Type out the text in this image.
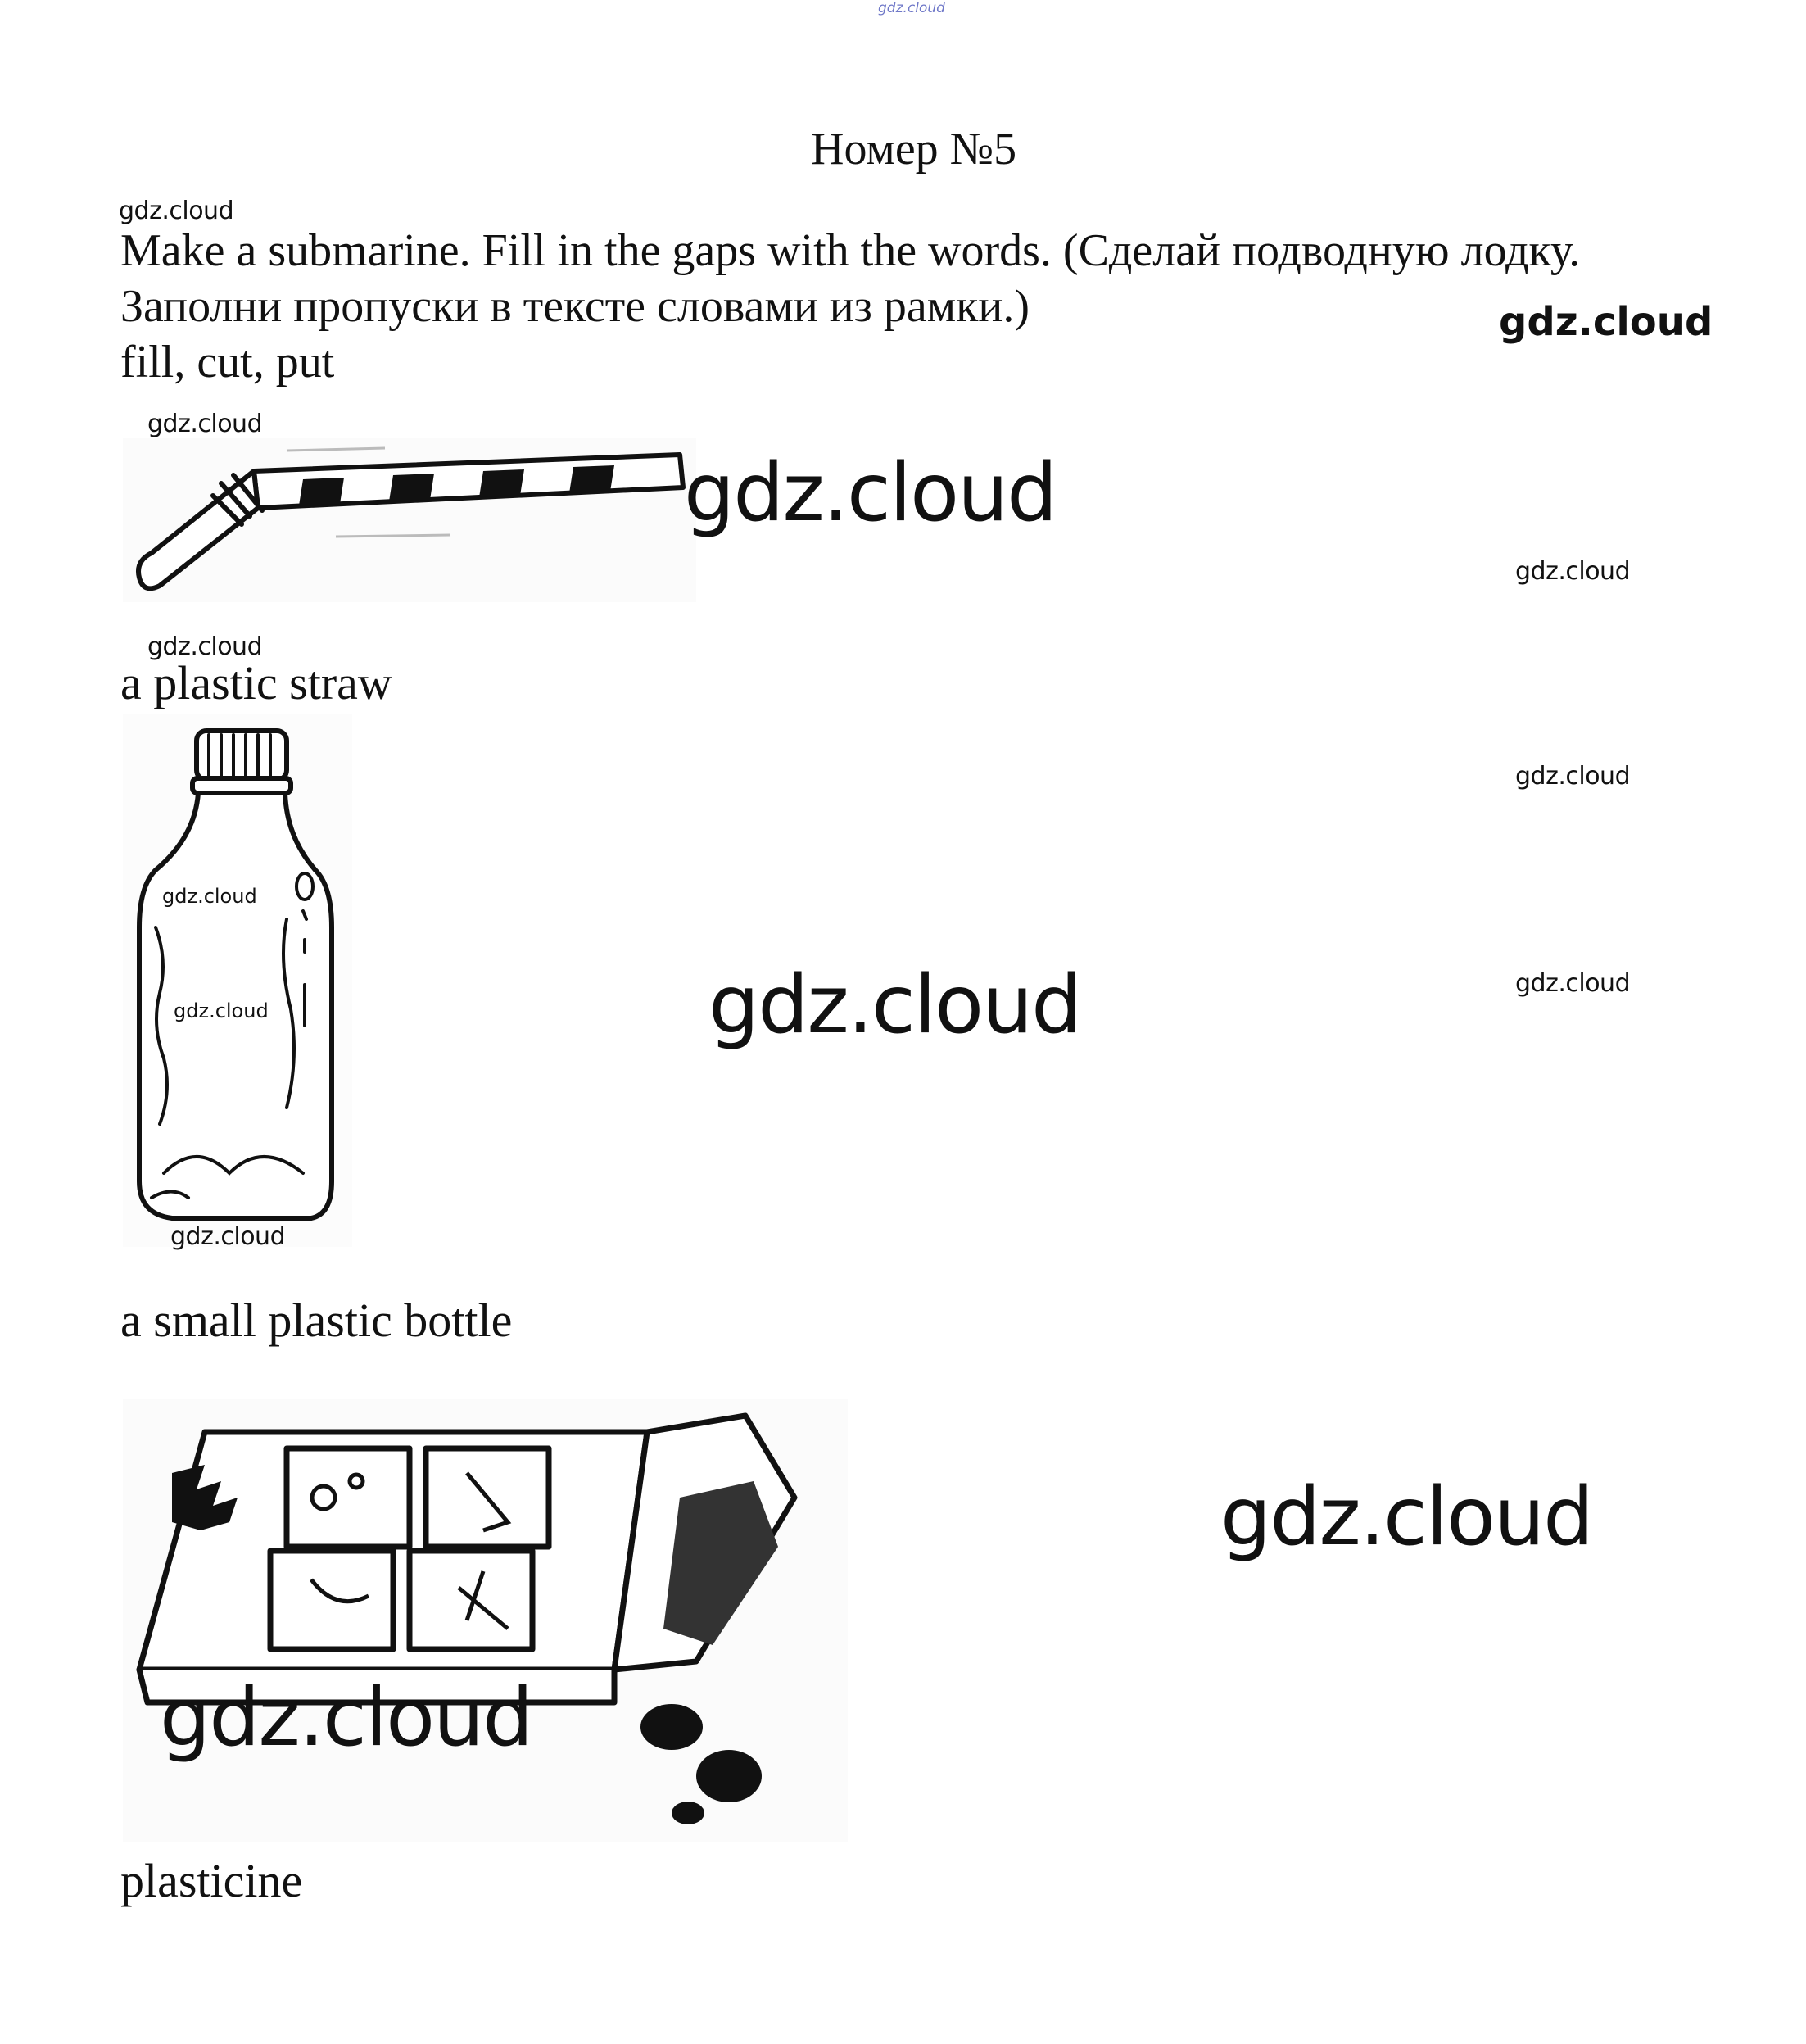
gdz.cloud
Номер №5
gdz.cloud
gdz.cloud
Make a submarine. Fill in the gaps with the words. (Сделай подводную лодку.
Заполни пропуски в тексте словами из рамки.)
fill, cut, put
gdz.cloud
gdz.cloud
gdz.cloud
gdz.cloud
a plastic straw
gdz.cloud
gdz.cloud
gdz.cloud
gdz.cloud
gdz.cloud
gdz.cloud
a small plastic bottle
gdz.cloud
gdz.cloud
plasticine
